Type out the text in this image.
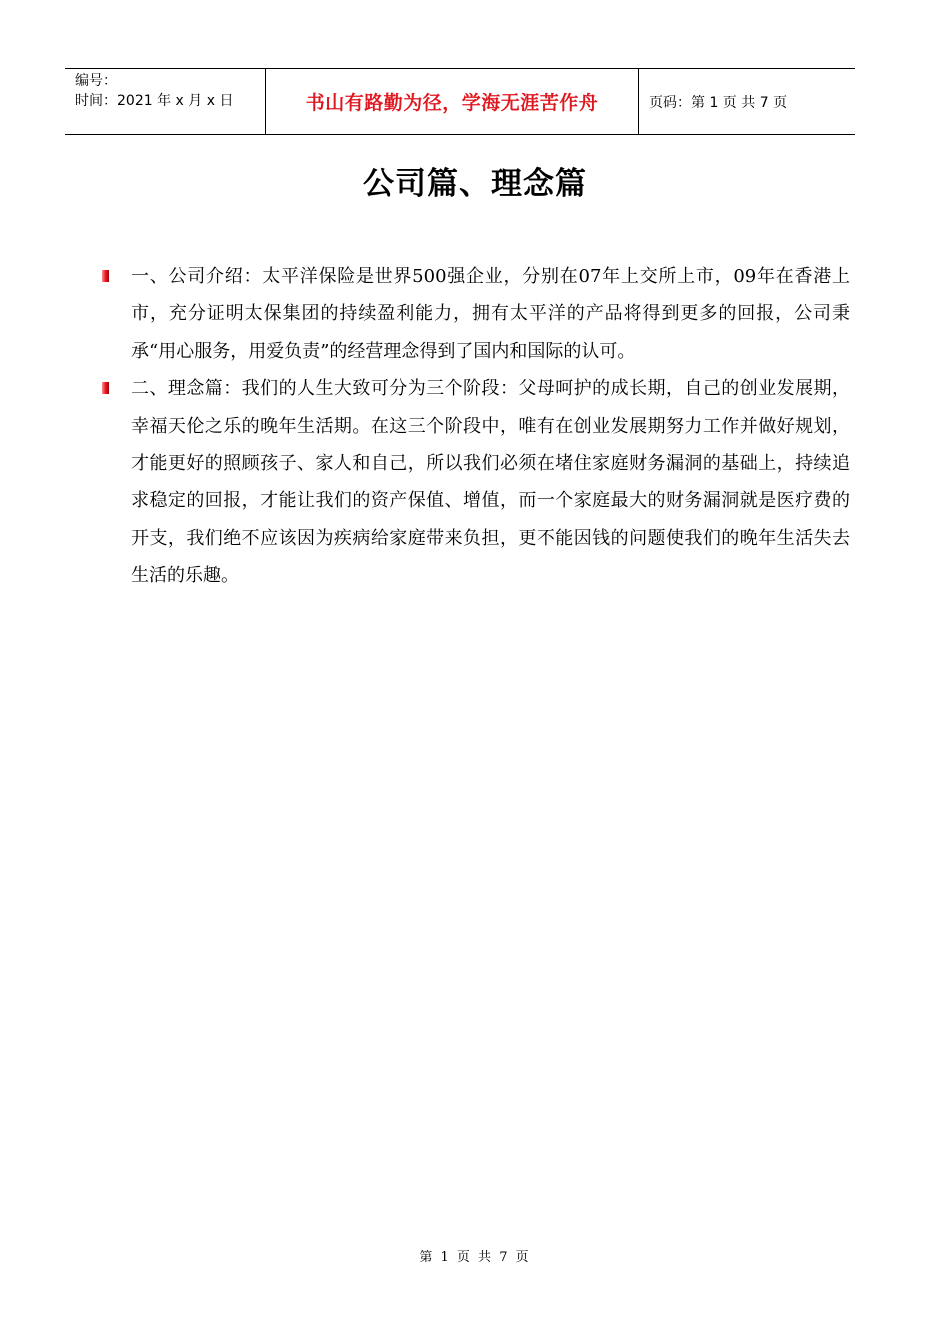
编号：
时间：2021 年 x 月 x 日	书山有路勤为径，学海无涯苦作舟	页码：第 1 页 共 7 页
公司篇、理念篇
一、公司介绍：太平洋保险是世界500强企业，分别在07年上交所上市，09年在香港上市，充分证明太保集团的持续盈利能力，拥有太平洋的产品将得到更多的回报，公司秉承“用心服务，用爱负责”的经营理念得到了国内和国际的认可。
二、理念篇：我们的人生大致可分为三个阶段：父母呵护的成长期，自己的创业发展期，幸福天伦之乐的晚年生活期。在这三个阶段中，唯有在创业发展期努力工作并做好规划，才能更好的照顾孩子、家人和自己，所以我们必须在堵住家庭财务漏洞的基础上，持续追求稳定的回报，才能让我们的资产保值、增值，而一个家庭最大的财务漏洞就是医疗费的开支，我们绝不应该因为疾病给家庭带来负担，更不能因钱的问题使我们的晚年生活失去生活的乐趣。
第 1 页 共 7 页
